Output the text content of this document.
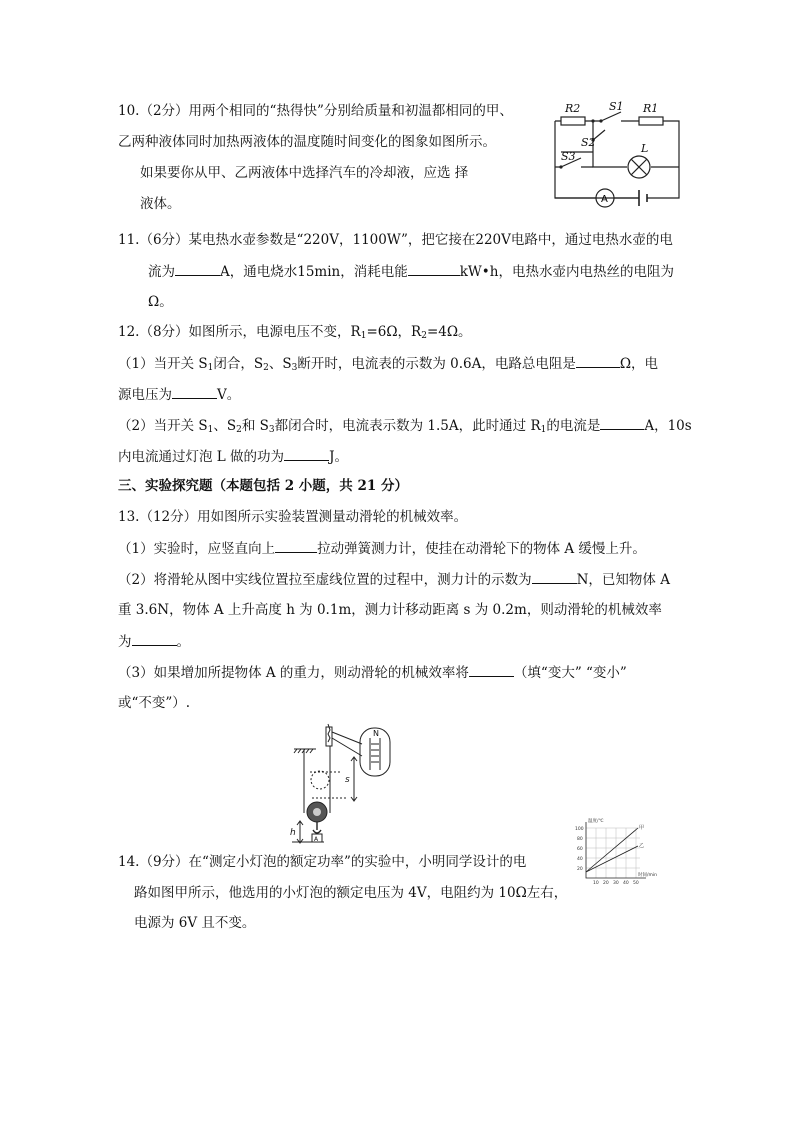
10.（2分）用两个相同的“热得快”分别给质量和初温都相同的甲、
乙两种液体同时加热两液体的温度随时间变化的图象如图所示。
如果要你从甲、乙两液体中选择汽车的冷却液，应选 择
液体。
R2	S1 R1
S2
S3
L
A
11.（6分）某电热水壶参数是“220V，1100W”，把它接在220V电路中，通过电热水壶的电
流为	A，通电烧水15min，消耗电能	kW•h，电热水壶内电热丝的电阻为
Ω。
12.（8分）如图所示，电源电压不变，$R_1=6\Omega$，$R_2=4\Omega$。
（1）当开关 $S_1$闭合，$S_2$、$S_3$断开时，电流表的示数为 0.6A，电路总电阻是	Ω，电
源电压为	V。
（2）当开关 $S_1$、$S_2$和 $S_3$都闭合时，电流表示数为 1.5A，此时通过 $R_1$的电流是	A，10s
内电流通过灯泡 L 做的功为	J。
三、实验探究题（本题包括 2 小题，共 21 分）
13.（12分）用如图所示实验装置测量动滑轮的机械效率。
（1）实验时，应竖直向上	拉动弹簧测力计，使挂在动滑轮下的物体 A 缓慢上升。
（2）将滑轮从图中实线位置拉至虚线位置的过程中，测力计的示数为	N，已知物体 A
重 3.6N，物体 A 上升高度 h 为 0.1m，测力计移动距离 s 为 0.2m，则动滑轮的机械效率
为	。
（3）如果增加所提物体 A 的重力，则动滑轮的机械效率将	（填“变大” “变小”
或“不变”）.
N
s
h
A
14.（9分）在“测定小灯泡的额定功率”的实验中，小明同学设计的电
路如图甲所示，他选用的小灯泡的额定电压为 4V，电阻约为 10Ω左右，
电源为 6V 且不变。
温度/℃
时间/min
100
80
60
40
20
10 20 30 40 50
甲
乙
